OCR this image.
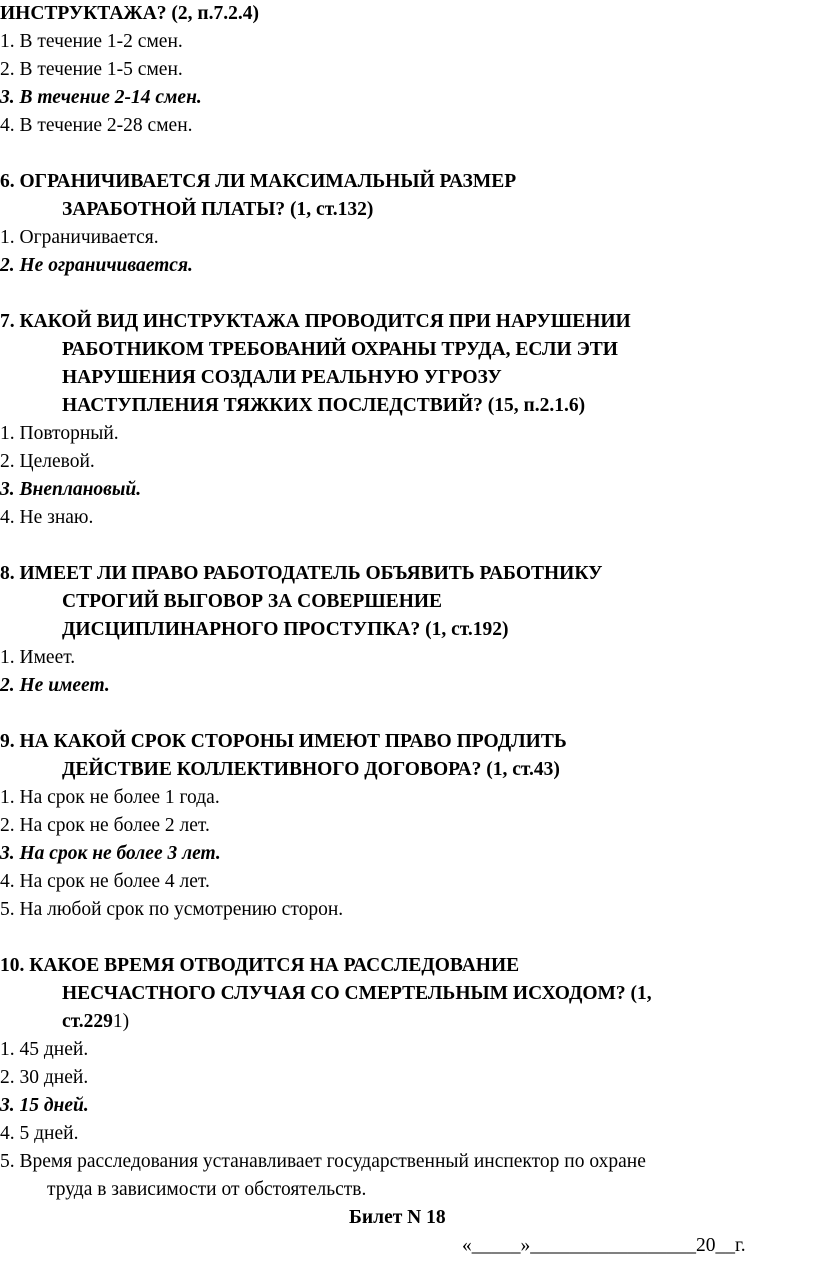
ИНСТРУКТАЖА? (2, п.7.2.4)
1. В течение 1-2 смен.
2. В течение 1-5 смен.
3. В течение 2-14 смен.
4. В течение 2-28 смен.
6. ОГРАНИЧИВАЕТСЯ ЛИ МАКСИМАЛЬНЫЙ РАЗМЕР
ЗАРАБОТНОЙ ПЛАТЫ? (1, ст.132)
1. Ограничивается.
2. Не ограничивается.
7. КАКОЙ ВИД ИНСТРУКТАЖА ПРОВОДИТСЯ ПРИ НАРУШЕНИИ
РАБОТНИКОМ ТРЕБОВАНИЙ ОХРАНЫ ТРУДА, ЕСЛИ ЭТИ
НАРУШЕНИЯ СОЗДАЛИ РЕАЛЬНУЮ УГРОЗУ
НАСТУПЛЕНИЯ ТЯЖКИХ ПОСЛЕДСТВИЙ? (15, п.2.1.6)
1. Повторный.
2. Целевой.
3. Внеплановый.
4. Не знаю.
8. ИМЕЕТ ЛИ ПРАВО РАБОТОДАТЕЛЬ ОБЪЯВИТЬ РАБОТНИКУ
СТРОГИЙ ВЫГОВОР ЗА СОВЕРШЕНИЕ
ДИСЦИПЛИНАРНОГО ПРОСТУПКА? (1, ст.192)
1. Имеет.
2. Не имеет.
9. НА КАКОЙ СРОК СТОРОНЫ ИМЕЮТ ПРАВО ПРОДЛИТЬ
ДЕЙСТВИЕ КОЛЛЕКТИВНОГО ДОГОВОРА? (1, ст.43)
1. На срок не более 1 года.
2. На срок не более 2 лет.
3. На срок не более 3 лет.
4. На срок не более 4 лет.
5. На любой срок по усмотрению сторон.
10. КАКОЕ ВРЕМЯ ОТВОДИТСЯ НА РАССЛЕДОВАНИЕ
НЕСЧАСТНОГО СЛУЧАЯ СО СМЕРТЕЛЬНЫМ ИСХОДОМ? (1,
ст.2291)
1. 45 дней.
2. 30 дней.
3. 15 дней.
4. 5 дней.
5. Время расследования устанавливает государственный инспектор по охране
труда в зависимости от обстоятельств.
Билет N 18
«_____»_________________20__г.
